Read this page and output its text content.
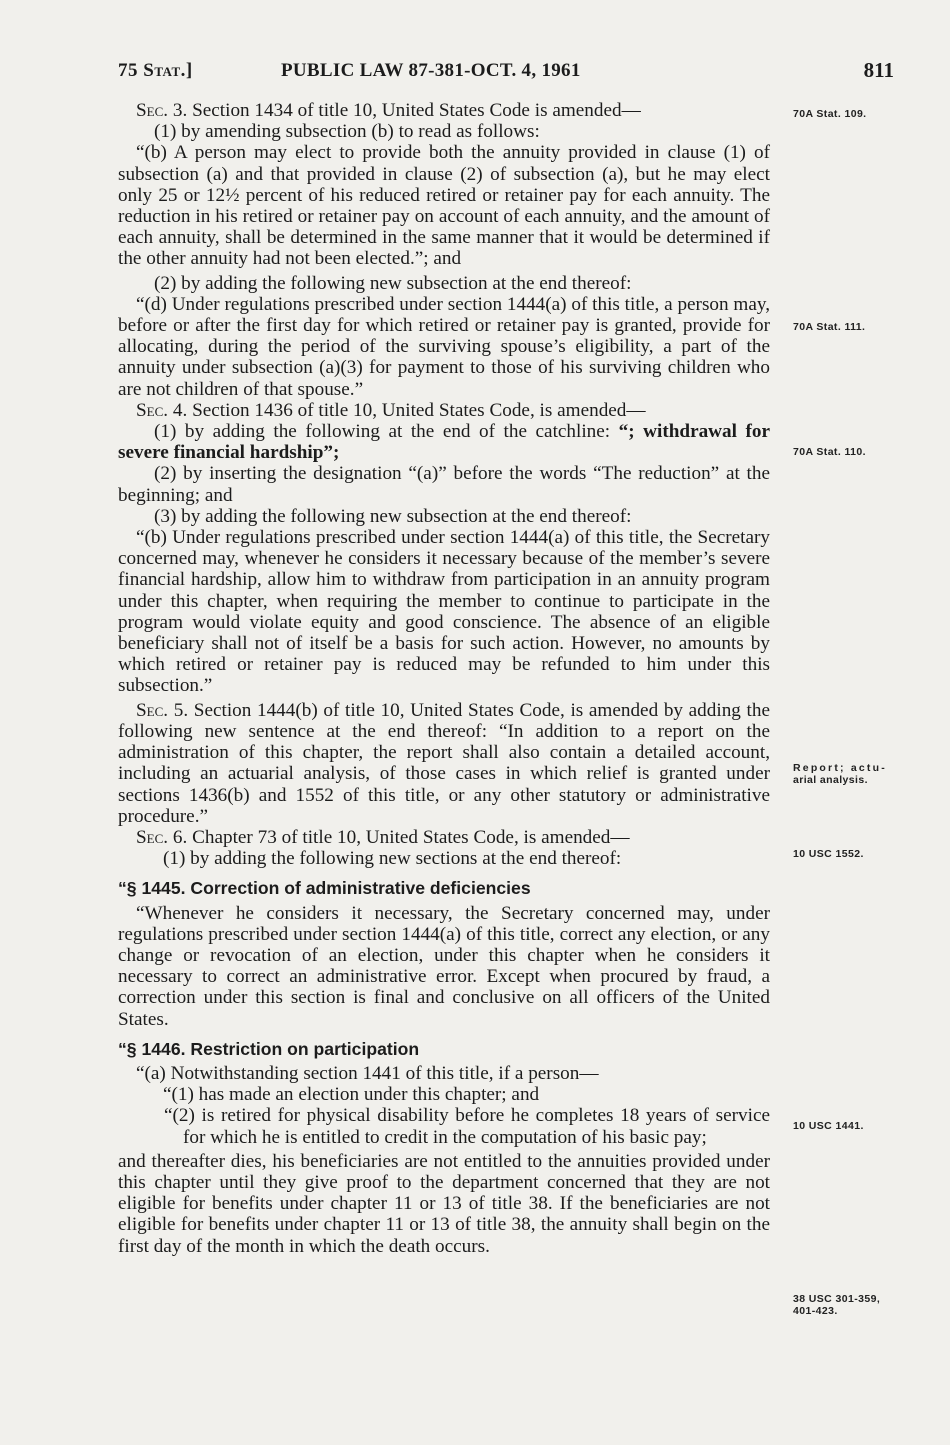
75 Stat.]	PUBLIC LAW 87-381-OCT. 4, 1961	811

Sec. 3. Section 1434 of title 10, United States Code is amended—

(1) by amending subsection (b) to read as follows:

“(b) A person may elect to provide both the annuity provided in clause (1) of subsection (a) and that provided in clause (2) of subsection (a), but he may elect only 25 or 12½ percent of his reduced retired or retainer pay for each annuity. The reduction in his retired or retainer pay on account of each annuity, and the amount of each annuity, shall be determined in the same manner that it would be determined if the other annuity had not been elected.”; and

(2) by adding the following new subsection at the end thereof:

“(d) Under regulations prescribed under section 1444(a) of this title, a person may, before or after the first day for which retired or retainer pay is granted, provide for allocating, during the period of the surviving spouse’s eligibility, a part of the annuity under subsection (a)(3) for payment to those of his surviving children who are not children of that spouse.”

Sec. 4. Section 1436 of title 10, United States Code, is amended—

(1) by adding the following at the end of the catchline: “; withdrawal for severe financial hardship”;

(2) by inserting the designation “(a)” before the words “The reduction” at the beginning; and

(3) by adding the following new subsection at the end thereof:

“(b) Under regulations prescribed under section 1444(a) of this title, the Secretary concerned may, whenever he considers it necessary because of the member’s severe financial hardship, allow him to withdraw from participation in an annuity program under this chapter, when requiring the member to continue to participate in the program would violate equity and good conscience. The absence of an eligible beneficiary shall not of itself be a basis for such action. However, no amounts by which retired or retainer pay is reduced may be refunded to him under this subsection.”

Sec. 5. Section 1444(b) of title 10, United States Code, is amended by adding the following new sentence at the end thereof: “In addition to a report on the administration of this chapter, the report shall also contain a detailed account, including an actuarial analysis, of those cases in which relief is granted under sections 1436(b) and 1552 of this title, or any other statutory or administrative procedure.”

Sec. 6. Chapter 73 of title 10, United States Code, is amended—

(1) by adding the following new sections at the end thereof:

“§ 1445. Correction of administrative deficiencies

“Whenever he considers it necessary, the Secretary concerned may, under regulations prescribed under section 1444(a) of this title, correct any election, or any change or revocation of an election, under this chapter when he considers it necessary to correct an administrative error. Except when procured by fraud, a correction under this section is final and conclusive on all officers of the United States.

“§ 1446. Restriction on participation

“(a) Notwithstanding section 1441 of this title, if a person—

“(1) has made an election under this chapter; and

“(2) is retired for physical disability before he completes 18 years of service for which he is entitled to credit in the computation of his basic pay;

and thereafter dies, his beneficiaries are not entitled to the annuities provided under this chapter until they give proof to the department concerned that they are not eligible for benefits under chapter 11 or 13 of title 38. If the beneficiaries are not eligible for benefits under chapter 11 or 13 of title 38, the annuity shall begin on the first day of the month in which the death occurs.

70A Stat. 109.
70A Stat. 111.
70A Stat. 110.
Report; actu-
arial analysis.
10 USC 1552.
10 USC 1441.
38 USC 301-359,
401-423.
